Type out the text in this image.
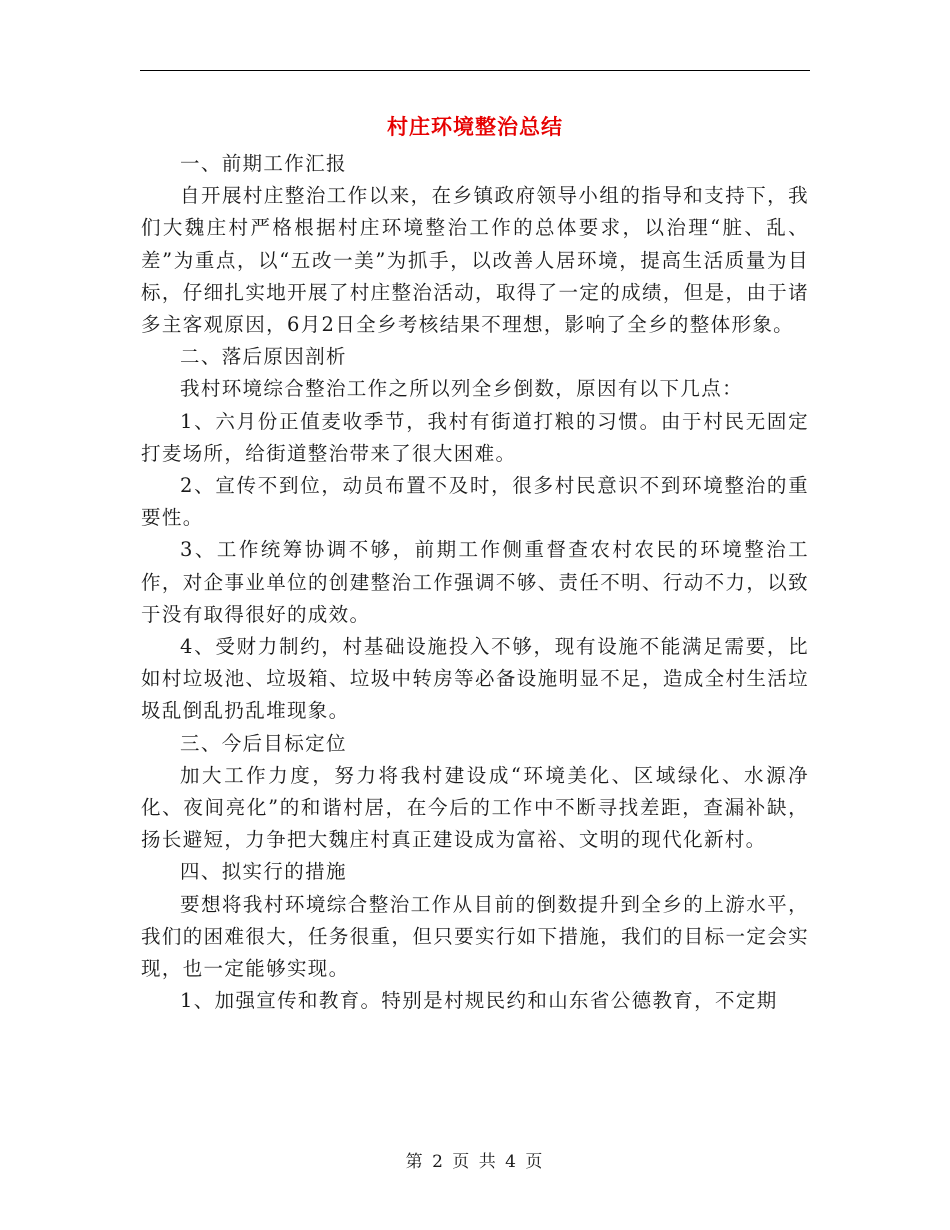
村庄环境整治总结

一、前期工作汇报

自开展村庄整治工作以来，在乡镇政府领导小组的指导和支持下，我们大魏庄村严格根据村庄环境整治工作的总体要求，以治理“脏、乱、差”为重点，以“五改一美”为抓手，以改善人居环境，提高生活质量为目标，仔细扎实地开展了村庄整治活动，取得了一定的成绩，但是，由于诸多主客观原因，6月2日全乡考核结果不理想，影响了全乡的整体形象。

二、落后原因剖析

我村环境综合整治工作之所以列全乡倒数，原因有以下几点：

1、六月份正值麦收季节，我村有街道打粮的习惯。由于村民无固定打麦场所，给街道整治带来了很大困难。

2、宣传不到位，动员布置不及时，很多村民意识不到环境整治的重要性。

3、工作统筹协调不够，前期工作侧重督查农村农民的环境整治工作，对企事业单位的创建整治工作强调不够、责任不明、行动不力，以致于没有取得很好的成效。

4、受财力制约，村基础设施投入不够，现有设施不能满足需要，比如村垃圾池、垃圾箱、垃圾中转房等必备设施明显不足，造成全村生活垃圾乱倒乱扔乱堆现象。

三、今后目标定位

加大工作力度，努力将我村建设成“环境美化、区域绿化、水源净化、夜间亮化”的和谐村居，在今后的工作中不断寻找差距，查漏补缺，扬长避短，力争把大魏庄村真正建设成为富裕、文明的现代化新村。

四、拟实行的措施

要想将我村环境综合整治工作从目前的倒数提升到全乡的上游水平，我们的困难很大，任务很重，但只要实行如下措施，我们的目标一定会实现，也一定能够实现。

1、加强宣传和教育。特别是村规民约和山东省公德教育，不定期

第 2 页 共 4 页
